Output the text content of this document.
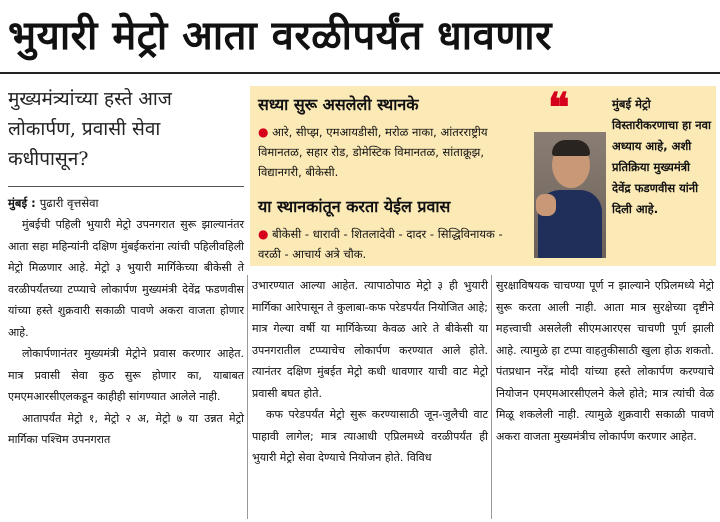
भुयारी मेट्रो आता वरळीपर्यंत धावणार
मुख्यमंत्र्यांच्या हस्ते आज लोकार्पण, प्रवासी सेवा कधीपासून?
सध्या सुरू असलेली स्थानके
● आरे, सीप्झ, एमआयडीसी, मरोळ नाका, आंतरराष्ट्रीय विमानतळ, सहार रोड, डोमेस्टिक विमानतळ, सांताक्रूझ, विद्यानगरी, बीकेसी.
या स्थानकांतून करता येईल प्रवास
● बीकेसी - धारावी - शितलादेवी - दादर - सिद्धिविनायक - वरळी - आचार्य अत्रे चौक.
❝	मुंबई मेट्रो विस्तारीकरणाचा हा नवा अध्याय आहे, अशी प्रतिक्रिया मुख्यमंत्री देवेंद्र फडणवीस यांनी दिली आहे.
मुंबई : पुढारी वृत्तसेवा

मुंबईची पहिली भुयारी मेट्रो उपनगरात सुरू झाल्यानंतर आता सहा महिन्यांनी दक्षिण मुंबईकरांना त्यांची पहिलीवहिली मेट्रो मिळणार आहे. मेट्रो ३ भुयारी मार्गिकेच्या बीकेसी ते वरळीपर्यंतच्या टप्प्याचे लोकार्पण मुख्यमंत्री देवेंद्र फडणवीस यांच्या हस्ते शुक्रवारी सकाळी पावणे अकरा वाजता होणार आहे.

लोकार्पणानंतर मुख्यमंत्री मेट्रोने प्रवास करणार आहेत. मात्र प्रवासी सेवा कुठ सुरू होणार का, याबाबत एमएमआरसीएलकडून काहीही सांगण्यात आलेले नाही.

आतापर्यंत मेट्रो १, मेट्रो २ अ, मेट्रो ७ या उन्नत मेट्रो मार्गिका पश्चिम उपनगरात

उभारण्यात आल्या आहेत. त्यापाठोपाठ मेट्रो ३ ही भुयारी मार्गिका आरेपासून ते कुलाबा-कफ परेडपर्यंत नियोजित आहे; मात्र गेल्या वर्षी या मार्गिकेच्या केवळ आरे ते बीकेसी या उपनगरातील टप्प्याचेच लोकार्पण करण्यात आले होते. त्यानंतर दक्षिण मुंबईत मेट्रो कधी धावणार याची वाट मेट्रो प्रवासी बघत होते.

कफ परेडपर्यंत मेट्रो सुरू करण्यासाठी जून-जुलैची वाट पाहावी लागेल; मात्र त्याआधी एप्रिलमध्ये वरळीपर्यंत ही भुयारी मेट्रो सेवा देण्याचे नियोजन होते. विविध

सुरक्षाविषयक चाचण्या पूर्ण न झाल्याने एप्रिलमध्ये मेट्रो सुरू करता आली नाही. आता मात्र सुरक्षेच्या दृष्टीने महत्त्वाची असलेली सीएमआरएस चाचणी पूर्ण झाली आहे. त्यामुळे हा टप्पा वाहतुकीसाठी खुला होऊ शकतो. पंतप्रधान नरेंद्र मोदी यांच्या हस्ते लोकार्पण करण्याचे नियोजन एमएमआरसीएलने केले होते; मात्र त्यांची वेळ मिळू शकलेली नाही. त्यामुळे शुक्रवारी सकाळी पावणे अकरा वाजता मुख्यमंत्रीच लोकार्पण करणार आहेत.
